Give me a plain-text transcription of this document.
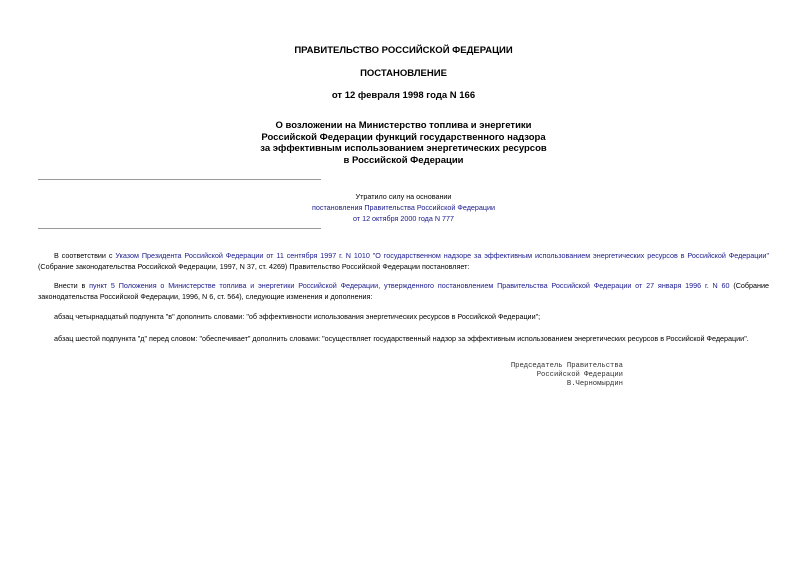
ПРАВИТЕЛЬСТВО РОССИЙСКОЙ ФЕДЕРАЦИИ
ПОСТАНОВЛЕНИЕ
от 12 февраля 1998 года N 166
О возложении на Министерство топлива и энергетики
Российской Федерации функций государственного надзора
за эффективным использованием энергетических ресурсов
в Российской Федерации
Утратило силу на основании
постановления Правительства Российской Федерации
от 12 октября 2000 года N 777
В соответствии с Указом Президента Российской Федерации от 11 сентября 1997 г. N 1010 "О государственном надзоре за эффективным использованием энергетических ресурсов в Российской Федерации" (Собрание законодательства Российской Федерации, 1997, N 37, ст. 4269) Правительство Российской Федерации постановляет:
Внести в пункт 5 Положения о Министерстве топлива и энергетики Российской Федерации, утвержденного постановлением Правительства Российской Федерации от 27 января 1996 г. N 60 (Собрание законодательства Российской Федерации, 1996, N 6, ст. 564), следующие изменения и дополнения:
абзац четырнадцатый подпункта "в" дополнить словами: "об эффективности использования энергетических ресурсов в Российской Федерации";
абзац шестой подпункта "д" перед словом: "обеспечивает" дополнить словами: "осуществляет государственный надзор за эффективным использованием энергетических ресурсов в Российской Федерации".
Председатель Правительства
Российской Федерации
В.Черномырдин
